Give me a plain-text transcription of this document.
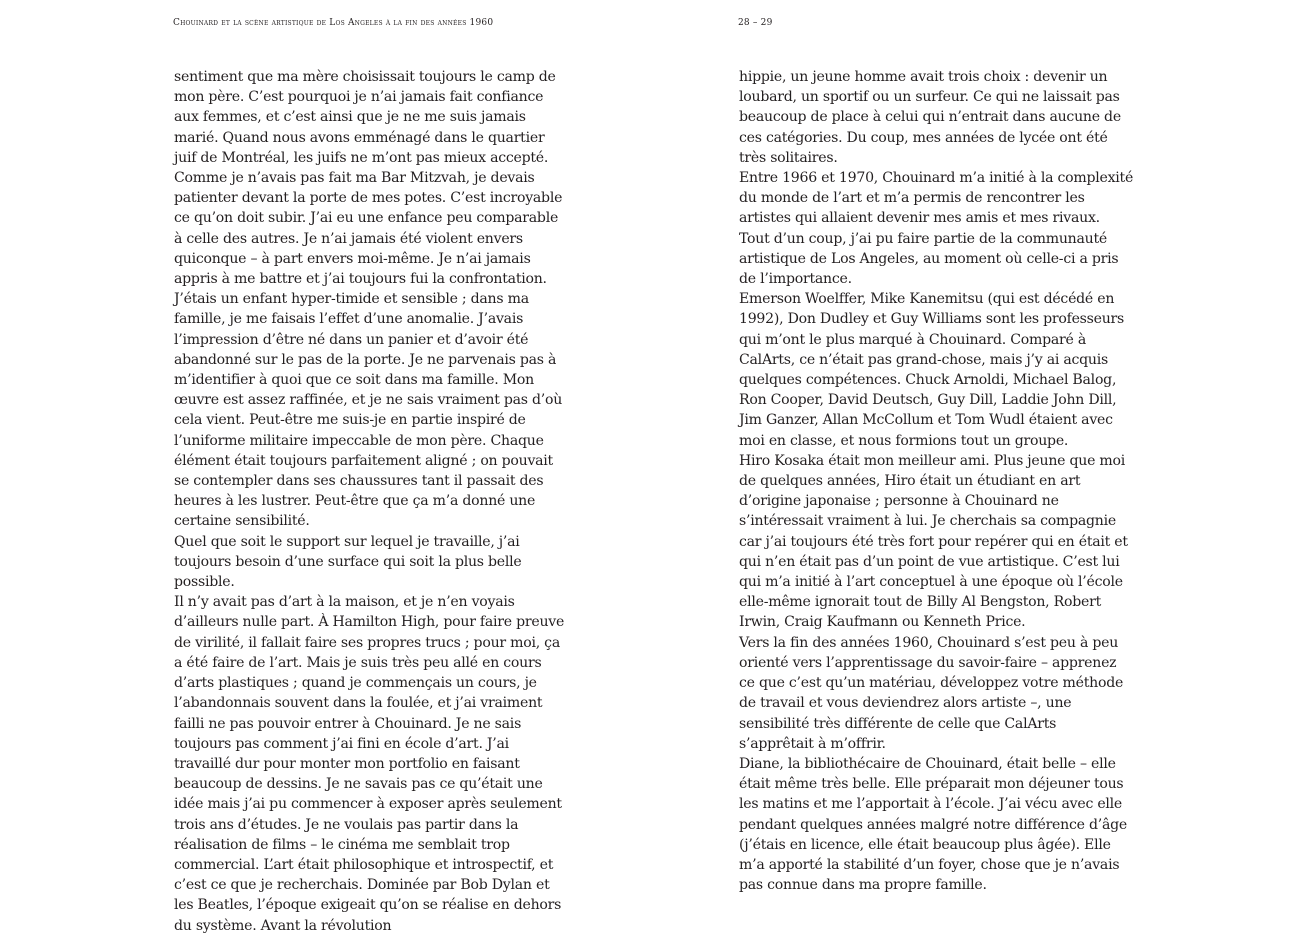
Chouinard et la scène artistique de Los Angeles à la fin des années 1960	28 – 29

sentiment que ma mère choisissait toujours le camp de mon père. C’est pourquoi je n’ai jamais fait confiance aux femmes, et c’est ainsi que je ne me suis jamais marié. Quand nous avons emménagé dans le quartier juif de Montréal, les juifs ne m’ont pas mieux accepté. Comme je n’avais pas fait ma Bar Mitzvah, je devais patienter devant la porte de mes potes. C’est incroyable ce qu’on doit subir. J’ai eu une enfance peu comparable à celle des autres. Je n’ai jamais été violent envers quiconque – à part envers moi-même. Je n’ai jamais appris à me battre et j’ai toujours fui la confrontation. J’étais un enfant hyper-timide et sensible ; dans ma famille, je me faisais l’effet d’une anomalie. J’avais l’impression d’être né dans un panier et d’avoir été abandonné sur le pas de la porte. Je ne parvenais pas à m’identifier à quoi que ce soit dans ma famille. Mon œuvre est assez raffinée, et je ne sais vraiment pas d’où cela vient. Peut-être me suis-je en partie inspiré de l’uniforme militaire impeccable de mon père. Chaque élément était toujours parfaitement aligné ; on pouvait se contempler dans ses chaussures tant il passait des heures à les lustrer. Peut-être que ça m’a donné une certaine sensibilité.

Quel que soit le support sur lequel je travaille, j’ai toujours besoin d’une surface qui soit la plus belle possible.

Il n’y avait pas d’art à la maison, et je n’en voyais d’ailleurs nulle part. À Hamilton High, pour faire preuve de virilité, il fallait faire ses propres trucs ; pour moi, ça a été faire de l’art. Mais je suis très peu allé en cours d’arts plastiques ; quand je commençais un cours, je l’abandonnais souvent dans la foulée, et j’ai vraiment failli ne pas pouvoir entrer à Chouinard. Je ne sais toujours pas comment j’ai fini en école d’art. J’ai travaillé dur pour monter mon portfolio en faisant beaucoup de dessins. Je ne savais pas ce qu’était une idée mais j’ai pu commencer à exposer après seulement trois ans d’études. Je ne voulais pas partir dans la réalisation de films – le cinéma me semblait trop commercial. L’art était philosophique et introspectif, et c’est ce que je recherchais. Dominée par Bob Dylan et les Beatles, l’époque exigeait qu’on se réalise en dehors du système. Avant la révolution

hippie, un jeune homme avait trois choix : devenir un loubard, un sportif ou un surfeur. Ce qui ne laissait pas beaucoup de place à celui qui n’entrait dans aucune de ces catégories. Du coup, mes années de lycée ont été très solitaires.

Entre 1966 et 1970, Chouinard m’a initié à la complexité du monde de l’art et m’a permis de rencontrer les artistes qui allaient devenir mes amis et mes rivaux. Tout d’un coup, j’ai pu faire partie de la communauté artistique de Los Angeles, au moment où celle-ci a pris de l’importance.

Emerson Woelffer, Mike Kanemitsu (qui est décédé en 1992), Don Dudley et Guy Williams sont les professeurs qui m’ont le plus marqué à Chouinard. Comparé à CalArts, ce n’était pas grand-chose, mais j’y ai acquis quelques compétences. Chuck Arnoldi, Michael Balog, Ron Cooper, David Deutsch, Guy Dill, Laddie John Dill, Jim Ganzer, Allan McCollum et Tom Wudl étaient avec moi en classe, et nous formions tout un groupe.

Hiro Kosaka était mon meilleur ami. Plus jeune que moi de quelques années, Hiro était un étudiant en art d’origine japonaise ; personne à Chouinard ne s’intéressait vraiment à lui. Je cherchais sa compagnie car j’ai toujours été très fort pour repérer qui en était et qui n’en était pas d’un point de vue artistique. C’est lui qui m’a initié à l’art conceptuel à une époque où l’école elle-même ignorait tout de Billy Al Bengston, Robert Irwin, Craig Kaufmann ou Kenneth Price.

Vers la fin des années 1960, Chouinard s’est peu à peu orienté vers l’apprentissage du savoir-faire – apprenez ce que c’est qu’un matériau, développez votre méthode de travail et vous deviendrez alors artiste –, une sensibilité très différente de celle que CalArts s’apprêtait à m’offrir.

Diane, la bibliothécaire de Chouinard, était belle – elle était même très belle. Elle préparait mon déjeuner tous les matins et me l’apportait à l’école. J’ai vécu avec elle pendant quelques années malgré notre différence d’âge (j’étais en licence, elle était beaucoup plus âgée). Elle m’a apporté la stabilité d’un foyer, chose que je n’avais pas connue dans ma propre famille.
